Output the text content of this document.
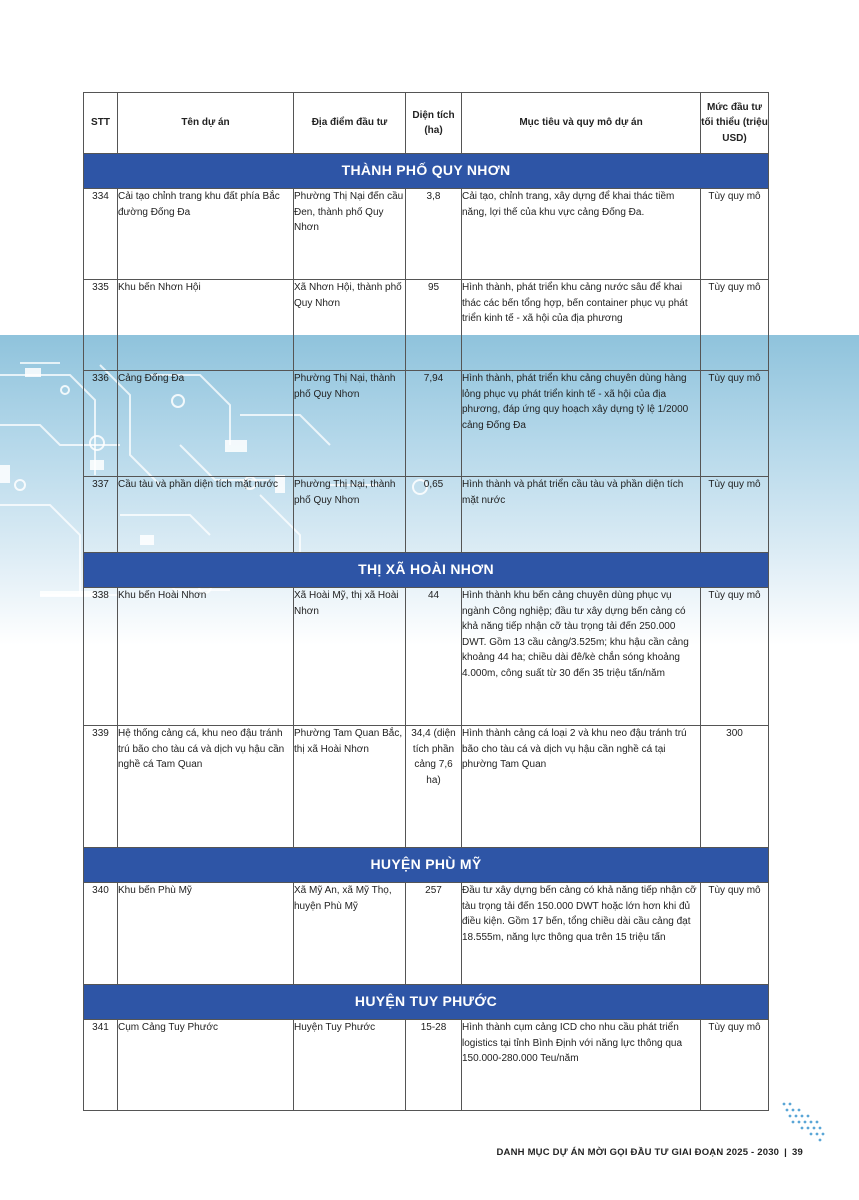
STT	Tên dự án	Địa điểm đầu tư	Diện tích (ha)	Mục tiêu và quy mô dự án	Mức đầu tư tối thiểu (triệu USD)
THÀNH PHỐ QUY NHƠN					
334	Cải tạo chỉnh trang khu đất phía Bắc đường Đống Đa	Phường Thị Nại đến cầu Đen, thành phố Quy Nhơn	3,8	Cải tạo, chỉnh trang, xây dựng để khai thác tiềm năng, lợi thế của khu vực cảng Đống Đa.	Tùy quy mô
335	Khu bến Nhơn Hội	Xã Nhơn Hội, thành phố Quy Nhơn	95	Hình thành, phát triển khu cảng nước sâu để khai thác các bến tổng hợp, bến container phục vụ phát triển kinh tế - xã hội của địa phương	Tùy quy mô
336	Cảng Đống Đa	Phường Thị Nại, thành phố Quy Nhơn	7,94	Hình thành, phát triển khu cảng chuyên dùng hàng lỏng phục vụ phát triển kinh tế - xã hội của địa phương, đáp ứng quy hoạch xây dựng tỷ lệ 1/2000 cảng Đống Đa	Tùy quy mô
337	Cầu tàu và phần diện tích mặt nước	Phường Thị Nại, thành phố Quy Nhơn	0,65	Hình thành và phát triển cầu tàu và phần diện tích mặt nước	Tùy quy mô
THỊ XÃ HOÀI NHƠN					
338	Khu bến Hoài Nhơn	Xã Hoài Mỹ, thị xã Hoài Nhơn	44	Hình thành khu bến cảng chuyên dùng phục vụ ngành Công nghiệp; đầu tư xây dựng bến cảng có khả năng tiếp nhận cỡ tàu trọng tải đến 250.000 DWT. Gồm 13 cầu cảng/3.525m; khu hậu cần cảng khoảng 44 ha; chiều dài đê/kè chắn sóng khoảng 4.000m, công suất từ 30 đến 35 triệu tấn/năm	Tùy quy mô
339	Hệ thống cảng cá, khu neo đậu tránh trú bão cho tàu cá và dịch vụ hậu cần nghề cá Tam Quan	Phường Tam Quan Bắc, thị xã Hoài Nhơn	34,4 (diện tích phần cảng 7,6 ha)	Hình thành cảng cá loại 2 và khu neo đậu tránh trú bão cho tàu cá và dịch vụ hậu cần nghề cá tại phường Tam Quan	300
HUYỆN PHÙ MỸ					
340	Khu bến Phù Mỹ	Xã Mỹ An, xã Mỹ Thọ, huyện Phù Mỹ	257	Đầu tư xây dựng bến cảng có khả năng tiếp nhận cỡ tàu trọng tải đến 150.000 DWT hoặc lớn hơn khi đủ điều kiện. Gồm 17 bến, tổng chiều dài cầu cảng đạt 18.555m, năng lực thông qua trên 15 triệu tấn	Tùy quy mô
HUYỆN TUY PHƯỚC					
341	Cụm Cảng Tuy Phước	Huyện Tuy Phước	15-28	Hình thành cụm cảng ICD cho nhu cầu phát triển logistics tại tỉnh Bình Định với năng lực thông qua 150.000-280.000 Teu/năm	Tùy quy mô
DANH MỤC DỰ ÁN MỜI GỌI ĐẦU TƯ GIAI ĐOẠN 2025 - 2030 | 39
